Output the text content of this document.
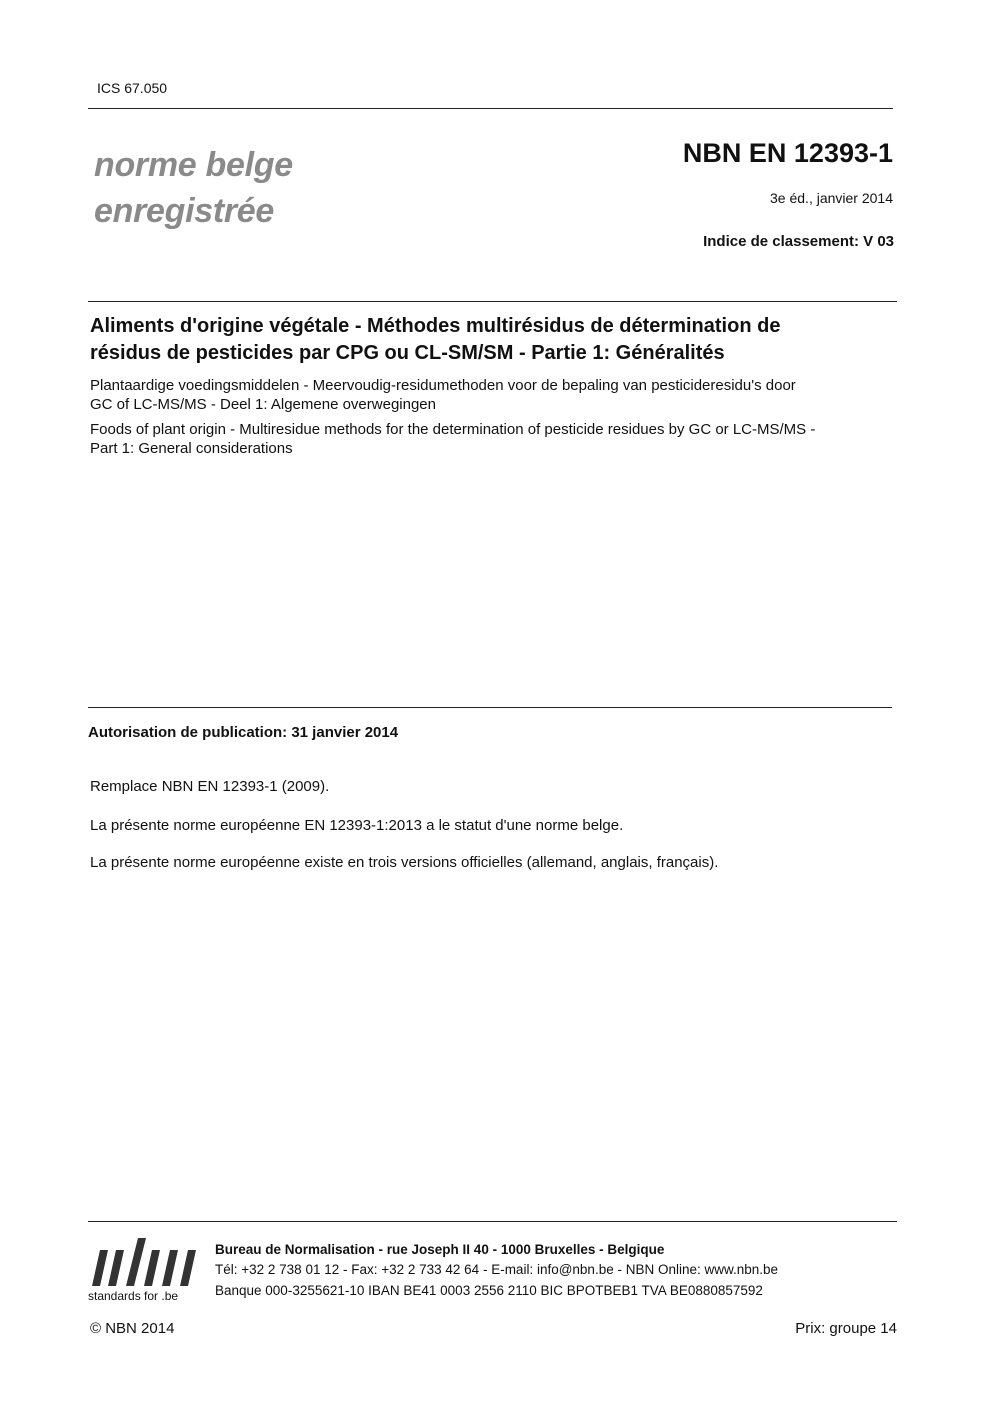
ICS 67.050
norme belge
enregistrée
NBN EN 12393-1
3e éd., janvier 2014
Indice de classement: V 03
Aliments d'origine végétale - Méthodes multirésidus de détermination de
résidus de pesticides par CPG ou CL-SM/SM - Partie 1: Généralités
Plantaardige voedingsmiddelen - Meervoudig-residumethoden voor de bepaling van pesticideresidu's door
GC of LC-MS/MS - Deel 1: Algemene overwegingen
Foods of plant origin - Multiresidue methods for the determination of pesticide residues by GC or LC-MS/MS -
Part 1: General considerations
Autorisation de publication: 31 janvier 2014
Remplace NBN EN 12393-1 (2009).
La présente norme européenne EN 12393-1:2013 a le statut d'une norme belge.
La présente norme européenne existe en trois versions officielles (allemand, anglais, français).
standards for .be
Bureau de Normalisation - rue Joseph II 40 - 1000 Bruxelles - Belgique
Tél: +32 2 738 01 12 - Fax: +32 2 733 42 64 - E-mail: info@nbn.be - NBN Online: www.nbn.be
Banque 000-3255621-10 IBAN BE41 0003 2556 2110 BIC BPOTBEB1 TVA BE0880857592
© NBN 2014	Prix: groupe 14
